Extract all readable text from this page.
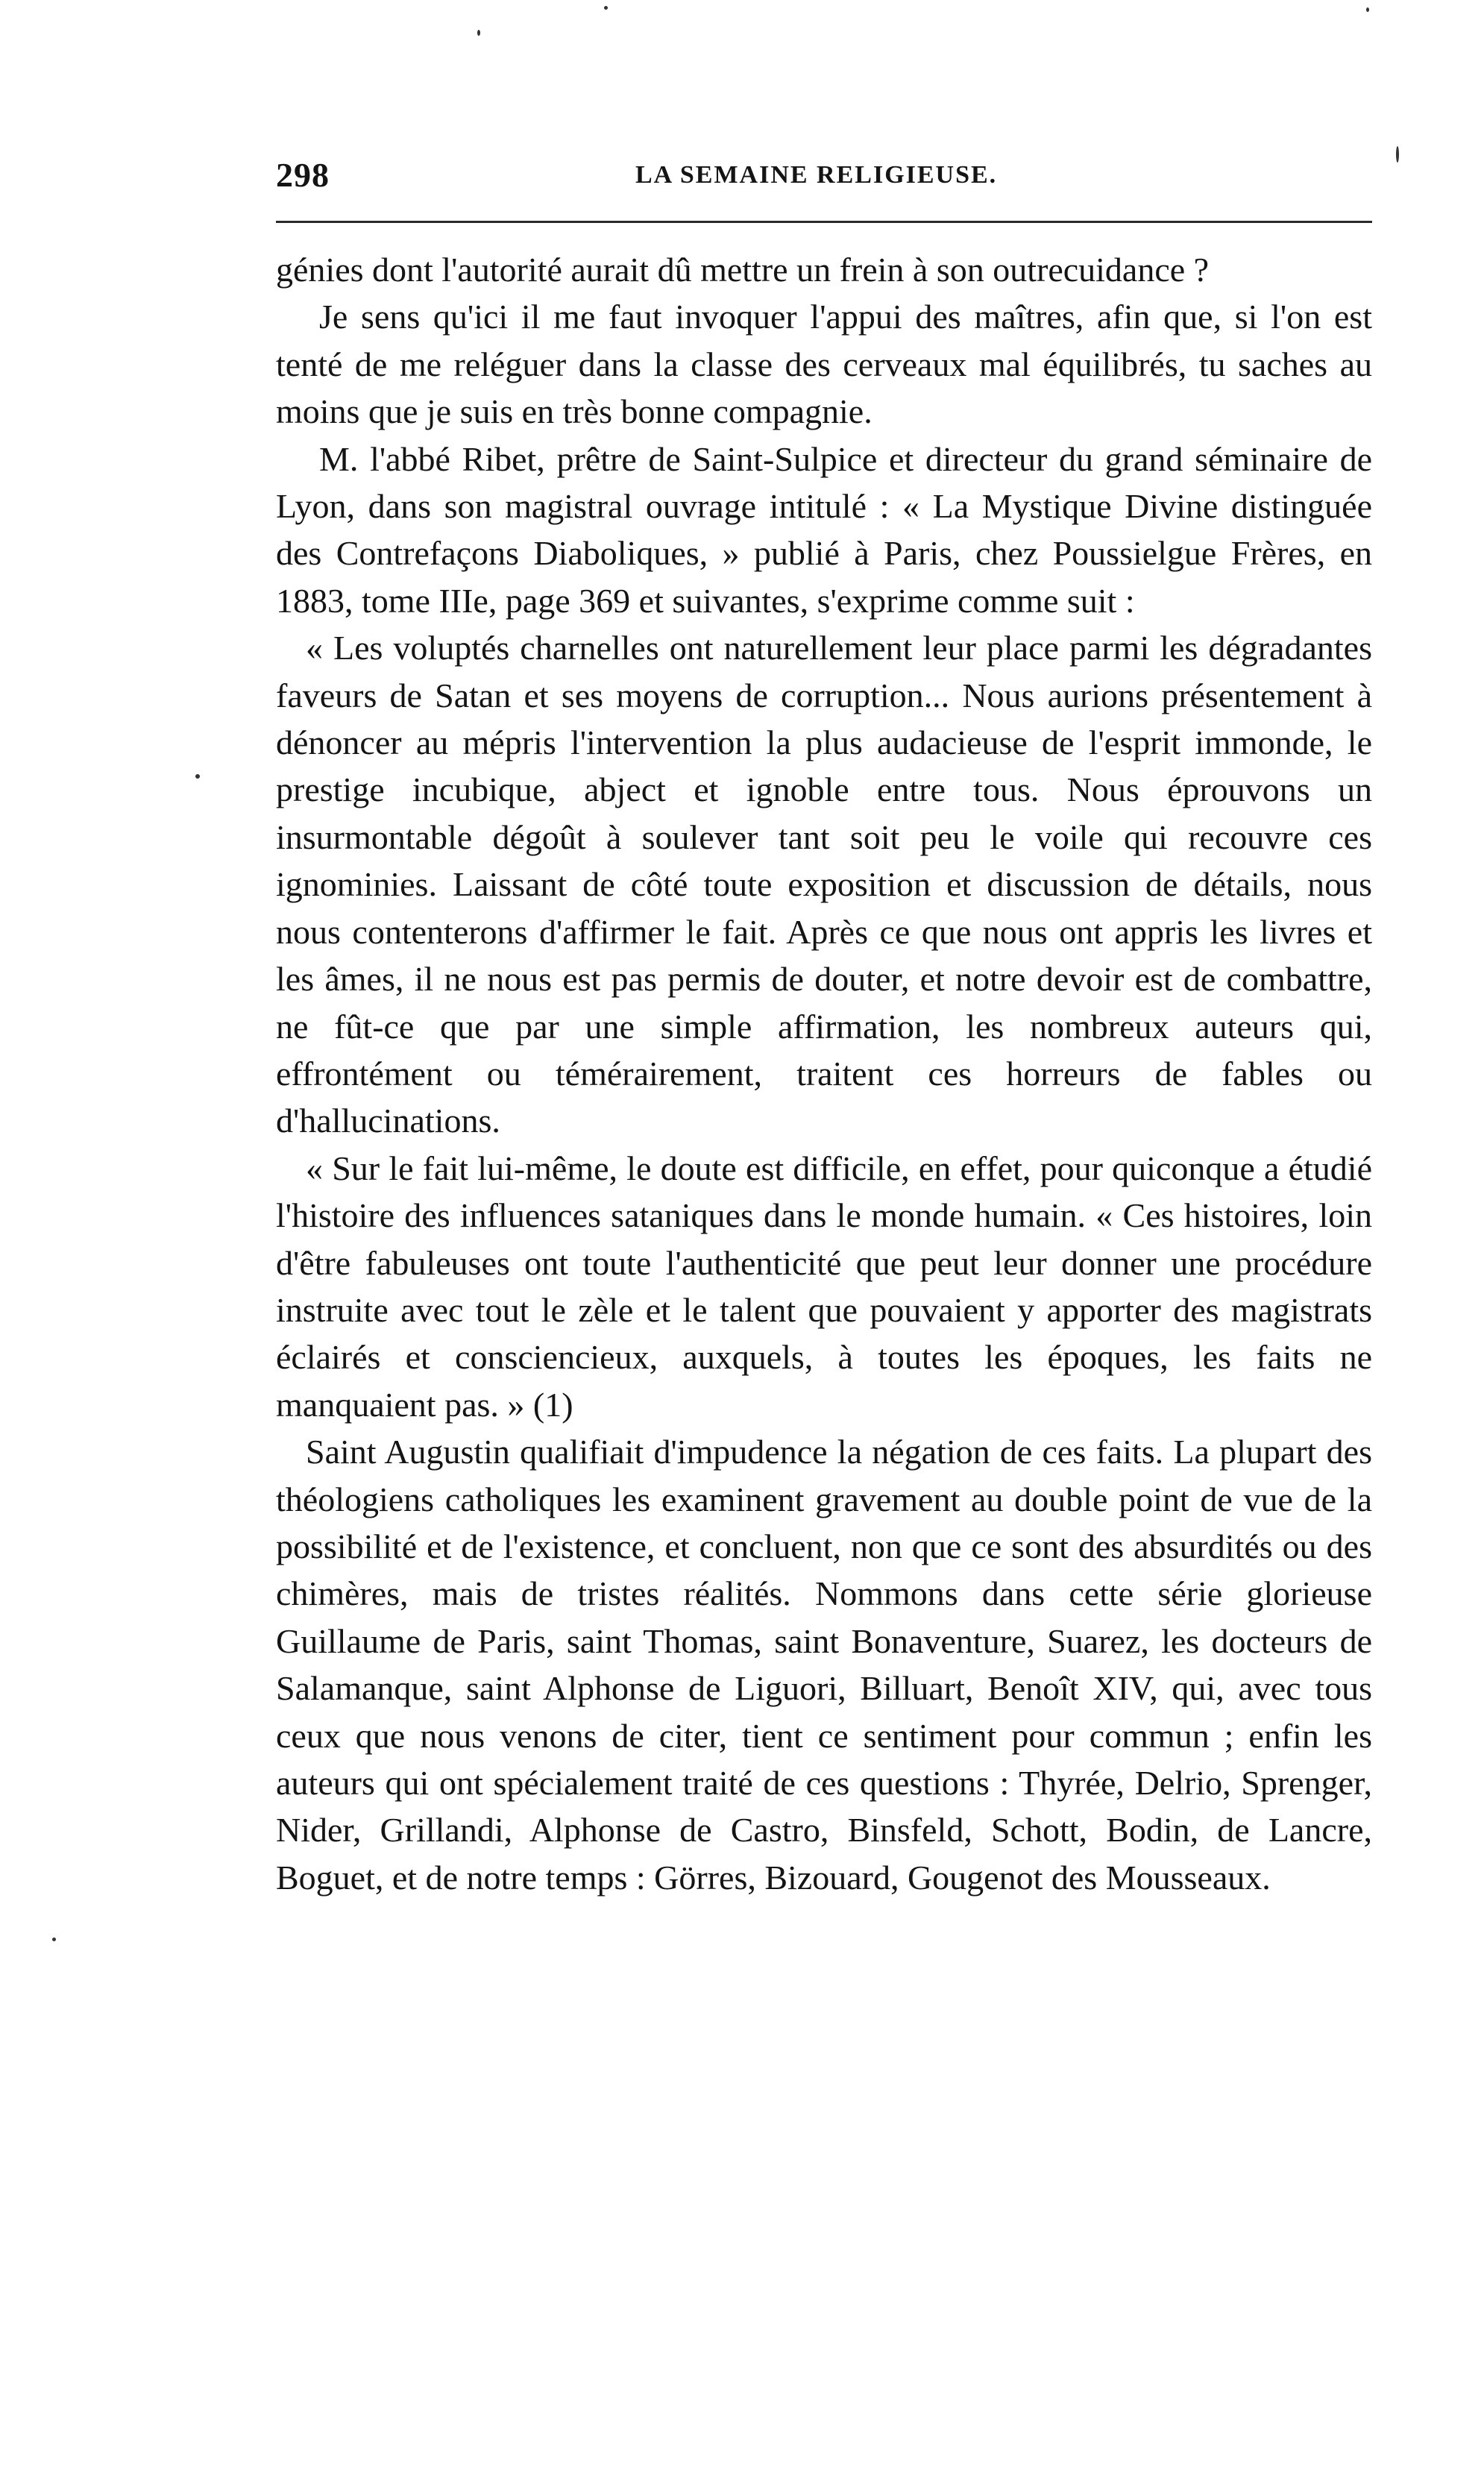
298	LA SEMAINE RELIGIEUSE.

génies dont l'autorité aurait dû mettre un frein à son outrecuidance ?

Je sens qu'ici il me faut invoquer l'appui des maîtres, afin que, si l'on est tenté de me reléguer dans la classe des cerveaux mal équilibrés, tu saches au moins que je suis en très bonne compagnie.

M. l'abbé Ribet, prêtre de Saint-Sulpice et directeur du grand séminaire de Lyon, dans son magistral ouvrage intitulé : « La Mystique Divine distinguée des Contrefaçons Diaboliques, » publié à Paris, chez Poussielgue Frères, en 1883, tome IIIe, page 369 et suivantes, s'exprime comme suit :

« Les voluptés charnelles ont naturellement leur place parmi les dégradantes faveurs de Satan et ses moyens de corruption... Nous aurions présentement à dénoncer au mépris l'intervention la plus audacieuse de l'esprit immonde, le prestige incubique, abject et ignoble entre tous. Nous éprouvons un insurmontable dégoût à soulever tant soit peu le voile qui recouvre ces ignominies. Laissant de côté toute exposition et discussion de détails, nous nous contenterons d'affirmer le fait. Après ce que nous ont appris les livres et les âmes, il ne nous est pas permis de douter, et notre devoir est de combattre, ne fût-ce que par une simple affirmation, les nombreux auteurs qui, effrontément ou témérairement, traitent ces horreurs de fables ou d'hallucinations.

« Sur le fait lui-même, le doute est difficile, en effet, pour quiconque a étudié l'histoire des influences sataniques dans le monde humain. « Ces histoires, loin d'être fabuleuses ont toute l'authenticité que peut leur donner une procédure instruite avec tout le zèle et le talent que pouvaient y apporter des magistrats éclairés et consciencieux, auxquels, à toutes les époques, les faits ne manquaient pas. » (1)

Saint Augustin qualifiait d'impudence la négation de ces faits. La plupart des théologiens catholiques les examinent gravement au double point de vue de la possibilité et de l'existence, et concluent, non que ce sont des absurdités ou des chimères, mais de tristes réalités. Nommons dans cette série glorieuse Guillaume de Paris, saint Thomas, saint Bonaventure, Suarez, les docteurs de Salamanque, saint Alphonse de Liguori, Billuart, Benoît XIV, qui, avec tous ceux que nous venons de citer, tient ce sentiment pour commun ; enfin les auteurs qui ont spécialement traité de ces questions : Thyrée, Delrio, Sprenger, Nider, Grillandi, Alphonse de Castro, Binsfeld, Schott, Bodin, de Lancre, Boguet, et de notre temps : Görres, Bizouard, Gougenot des Mousseaux.
